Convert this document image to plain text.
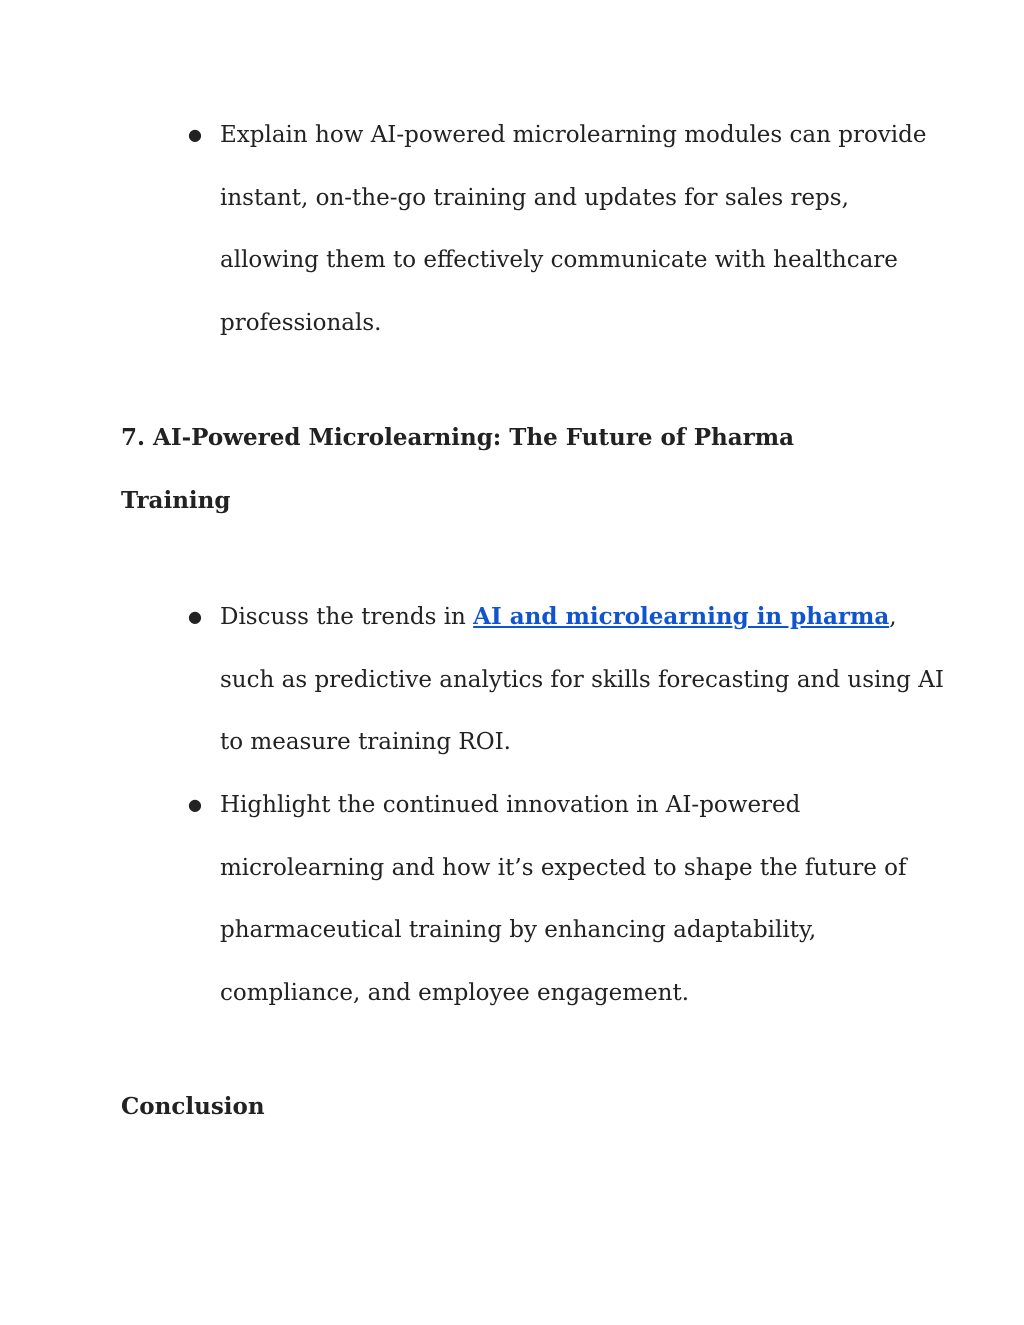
● Explain how AI-powered microlearning modules can provide
instant, on-the-go training and updates for sales reps,
allowing them to effectively communicate with healthcare
professionals.
7. AI-Powered Microlearning: The Future of Pharma
Training
● Discuss the trends in AI and microlearning in pharma,
such as predictive analytics for skills forecasting and using AI
to measure training ROI.
● Highlight the continued innovation in AI-powered
microlearning and how it’s expected to shape the future of
pharmaceutical training by enhancing adaptability,
compliance, and employee engagement.
Conclusion
